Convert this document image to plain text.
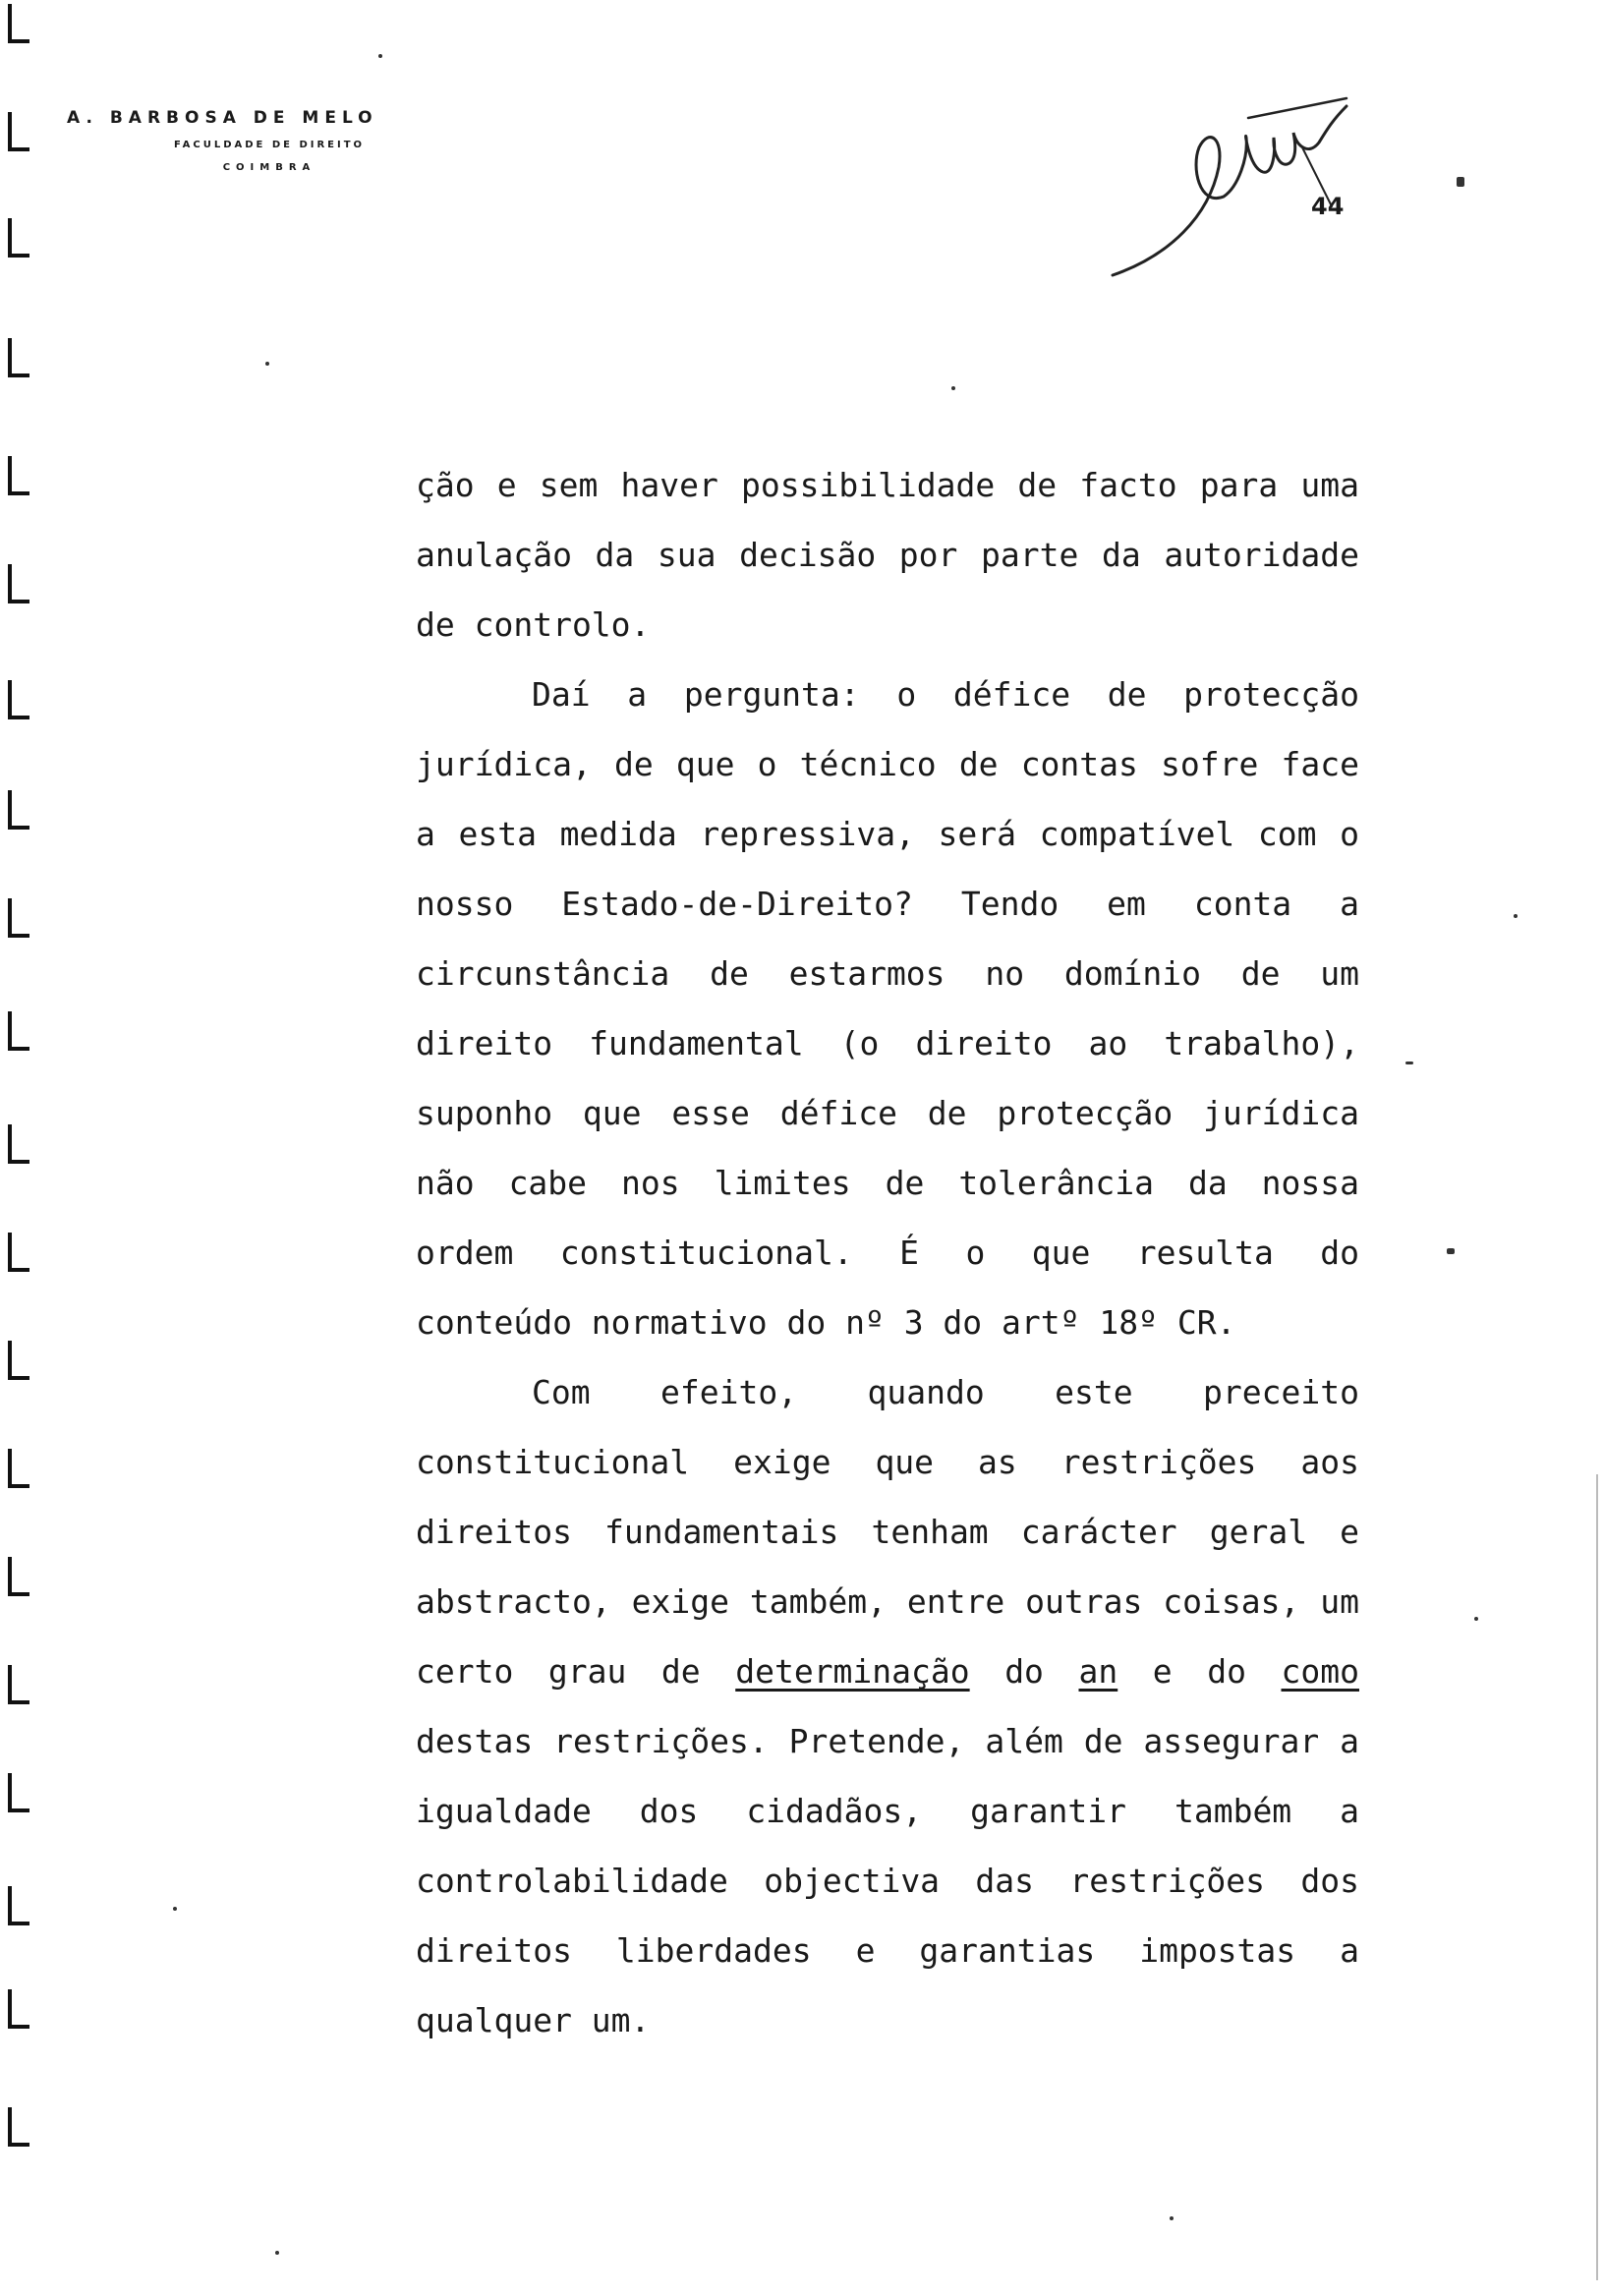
A. BARBOSA DE MELO
FACULDADE DE DIREITO
COIMBRA
44

ção e sem haver possibilidade de facto para uma anulação da sua decisão por parte da autoridade de controlo.

Daí a pergunta: o défice de protecção jurídica, de que o técnico de contas sofre face a esta medida repressiva, será compatível com o nosso Estado-de-Direito? Tendo em conta a circunstância de estarmos no domínio de um direito fundamental (o direito ao trabalho), suponho que esse défice de protecção jurídica não cabe nos limites de tolerância da nossa ordem constitucional. É o que resulta do conteúdo normativo do nº 3 do artº 18º CR.

Com efeito, quando este preceito constitucional exige que as restrições aos direitos fundamentais tenham carácter geral e abstracto, exige também, entre outras coisas, um certo grau de determinação do an e do como destas restrições. Pretende, além de assegurar a igualdade dos cidadãos, garantir também a controlabilidade objectiva das restrições dos direitos liberdades e garantias impostas a qualquer um.
